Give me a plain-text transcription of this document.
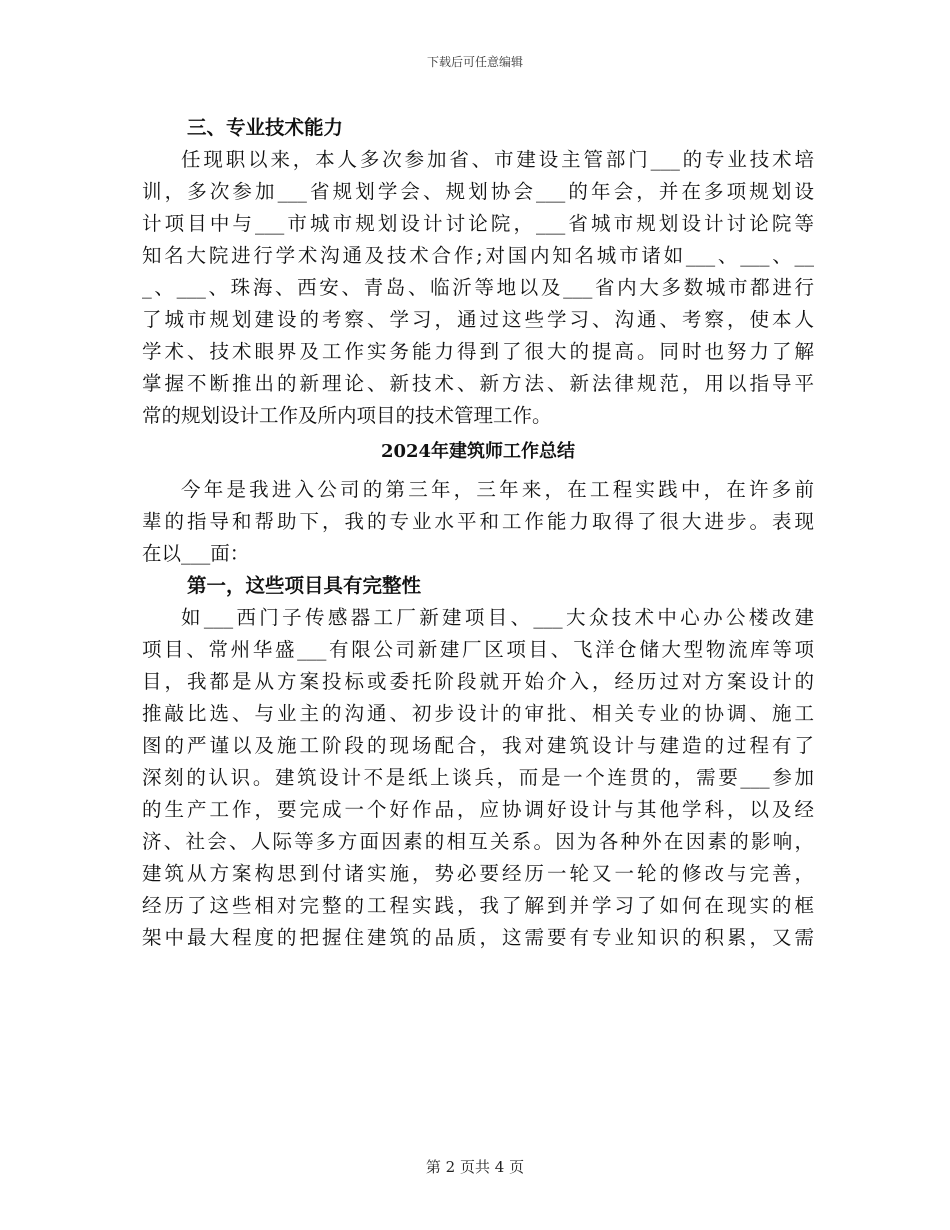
下载后可任意编辑
三、专业技术能力
任现职以来，本人多次参加省、市建设主管部门___的专业技术培
训，多次参加___省规划学会、规划协会___的年会，并在多项规划设
计项目中与___市城市规划设计讨论院，___省城市规划设计讨论院等
知名大院进行学术沟通及技术合作;对国内知名城市诸如___、___、__
_、___、珠海、西安、青岛、临沂等地以及___省内大多数城市都进行
了城市规划建设的考察、学习，通过这些学习、沟通、考察，使本人
学术、技术眼界及工作实务能力得到了很大的提高。同时也努力了解
掌握不断推出的新理论、新技术、新方法、新法律规范，用以指导平
常的规划设计工作及所内项目的技术管理工作。
2024年建筑师工作总结
今年是我进入公司的第三年，三年来，在工程实践中，在许多前
辈的指导和帮助下，我的专业水平和工作能力取得了很大进步。表现
在以___面：
第一，这些项目具有完整性
如___西门子传感器工厂新建项目、___大众技术中心办公楼改建
项目、常州华盛___有限公司新建厂区项目、飞洋仓储大型物流库等项
目，我都是从方案投标或委托阶段就开始介入，经历过对方案设计的
推敲比选、与业主的沟通、初步设计的审批、相关专业的协调、施工
图的严谨以及施工阶段的现场配合，我对建筑设计与建造的过程有了
深刻的认识。建筑设计不是纸上谈兵，而是一个连贯的，需要___参加
的生产工作，要完成一个好作品，应协调好设计与其他学科，以及经
济、社会、人际等多方面因素的相互关系。因为各种外在因素的影响，
建筑从方案构思到付诸实施，势必要经历一轮又一轮的修改与完善，
经历了这些相对完整的工程实践，我了解到并学习了如何在现实的框
架中最大程度的把握住建筑的品质，这需要有专业知识的积累，又需
第 2 页共 4 页
